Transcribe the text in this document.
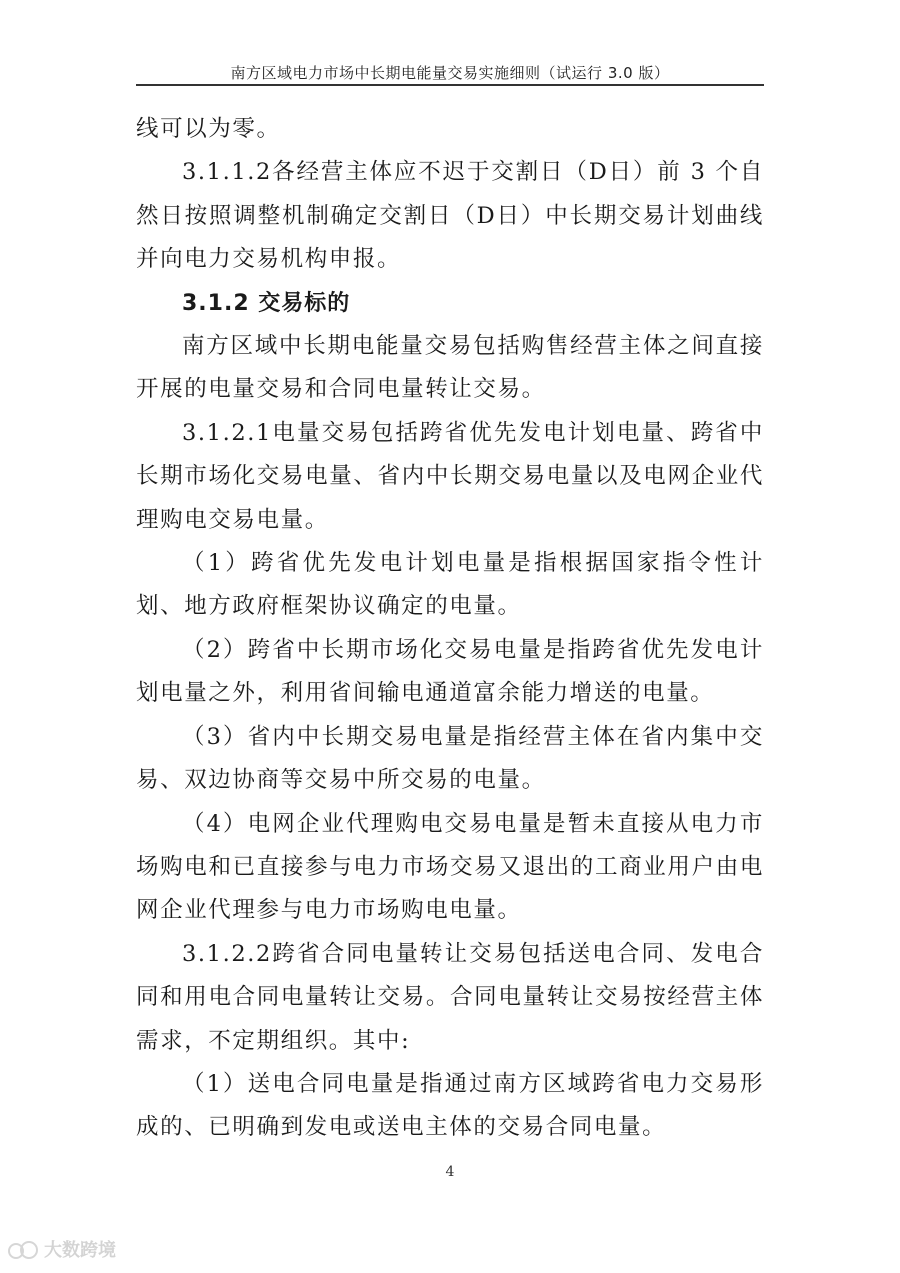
南方区域电力市场中长期电能量交易实施细则（试运行 3.0 版）

线可以为零。

3.1.1.2各经营主体应不迟于交割日（D日）前 3 个自然日按照调整机制确定交割日（D日）中长期交易计划曲线并向电力交易机构申报。

3.1.2 交易标的

南方区域中长期电能量交易包括购售经营主体之间直接开展的电量交易和合同电量转让交易。

3.1.2.1电量交易包括跨省优先发电计划电量、跨省中长期市场化交易电量、省内中长期交易电量以及电网企业代理购电交易电量。

（1）跨省优先发电计划电量是指根据国家指令性计划、地方政府框架协议确定的电量。

（2）跨省中长期市场化交易电量是指跨省优先发电计划电量之外，利用省间输电通道富余能力增送的电量。

（3）省内中长期交易电量是指经营主体在省内集中交易、双边协商等交易中所交易的电量。

（4）电网企业代理购电交易电量是暂未直接从电力市场购电和已直接参与电力市场交易又退出的工商业用户由电网企业代理参与电力市场购电电量。

3.1.2.2跨省合同电量转让交易包括送电合同、发电合同和用电合同电量转让交易。合同电量转让交易按经营主体需求，不定期组织。其中:

（1）送电合同电量是指通过南方区域跨省电力交易形成的、已明确到发电或送电主体的交易合同电量。

4
大数跨境
